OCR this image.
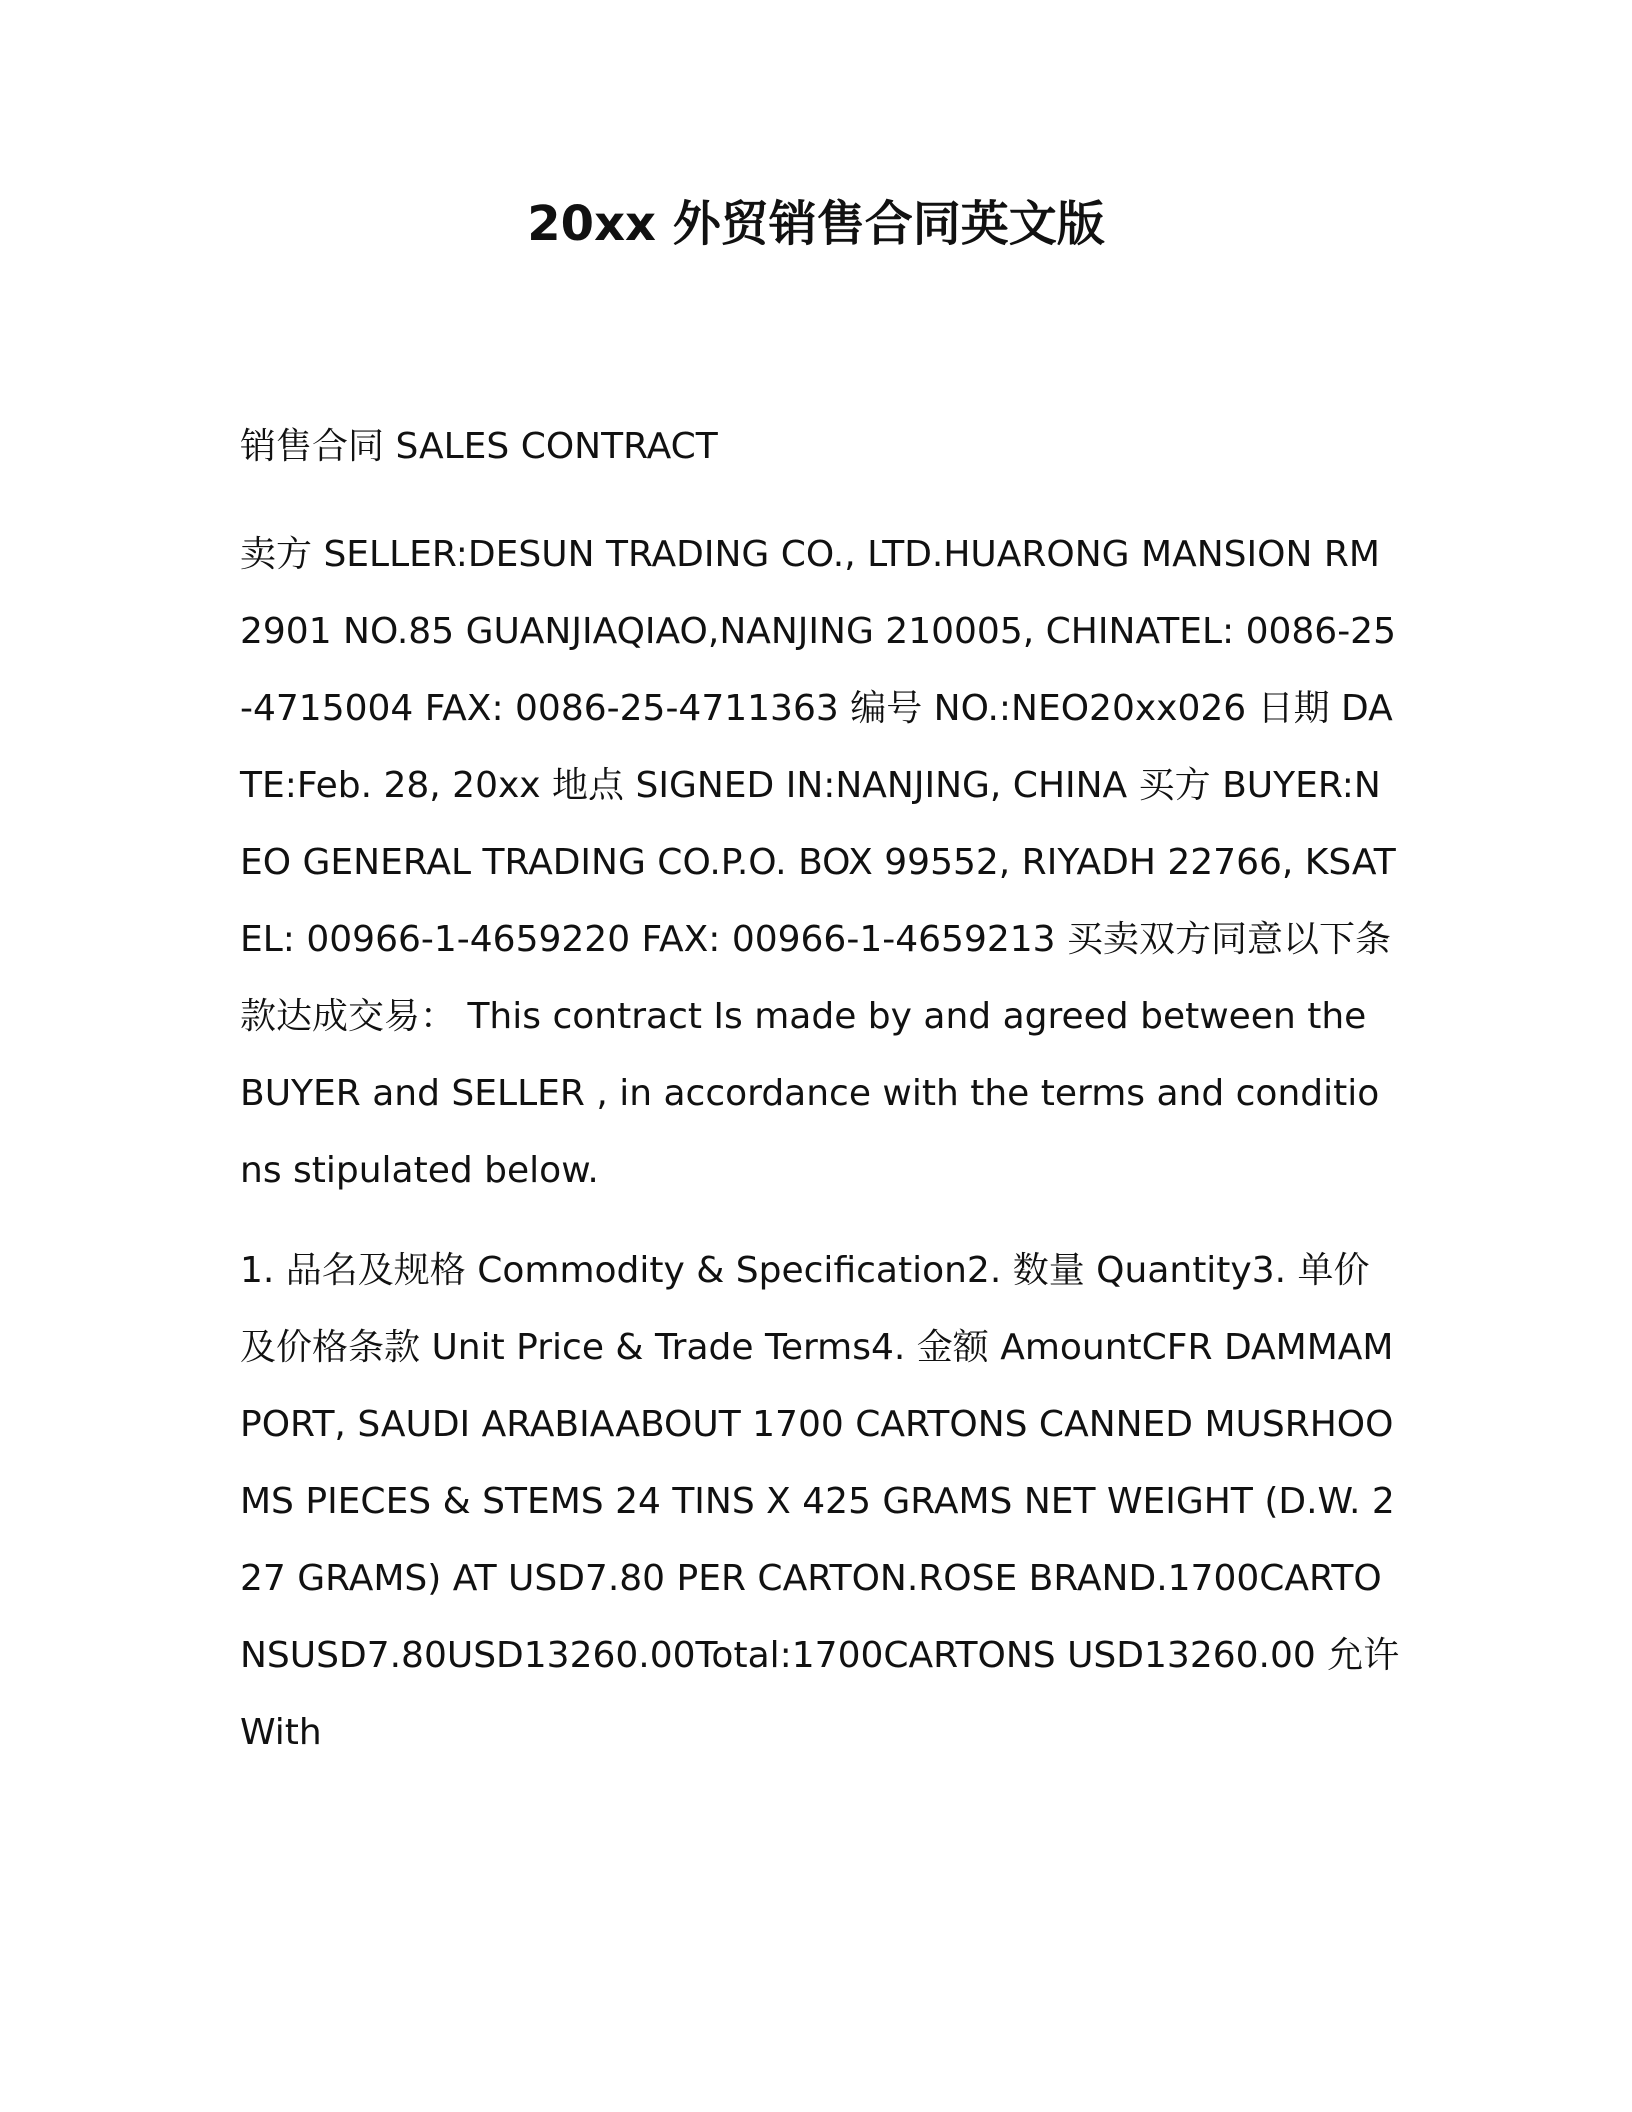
20xx 外贸销售合同英文版

销售合同 SALES CONTRACT

卖方 SELLER:DESUN TRADING CO., LTD.HUARONG MANSION RM2901 NO.85 GUANJIAQIAO,NANJING 210005, CHINATEL: 0086-25-4715004 FAX: 0086-25-4711363 编号 NO.:NEO20xx026 日期 DATE:Feb. 28, 20xx 地点 SIGNED IN:NANJING, CHINA 买方 BUYER:NEO GENERAL TRADING CO.P.O. BOX 99552, RIYADH 22766, KSATEL: 00966-1-4659220 FAX: 00966-1-4659213 买卖双方同意以下条款达成交易： This contract Is made by and agreed between the BUYER and SELLER , in accordance with the terms and conditions stipulated below.

1. 品名及规格 Commodity & Specification2. 数量 Quantity3. 单价及价格条款 Unit Price & Trade Terms4. 金额 AmountCFR DAMMAM PORT, SAUDI ARABIAABOUT 1700 CARTONS CANNED MUSRHOOMS PIECES & STEMS 24 TINS X 425 GRAMS NET WEIGHT (D.W. 227 GRAMS) AT USD7.80 PER CARTON.ROSE BRAND.1700CARTONSUSD7.80USD13260.00Total:1700CARTONS USD13260.00 允许 With
